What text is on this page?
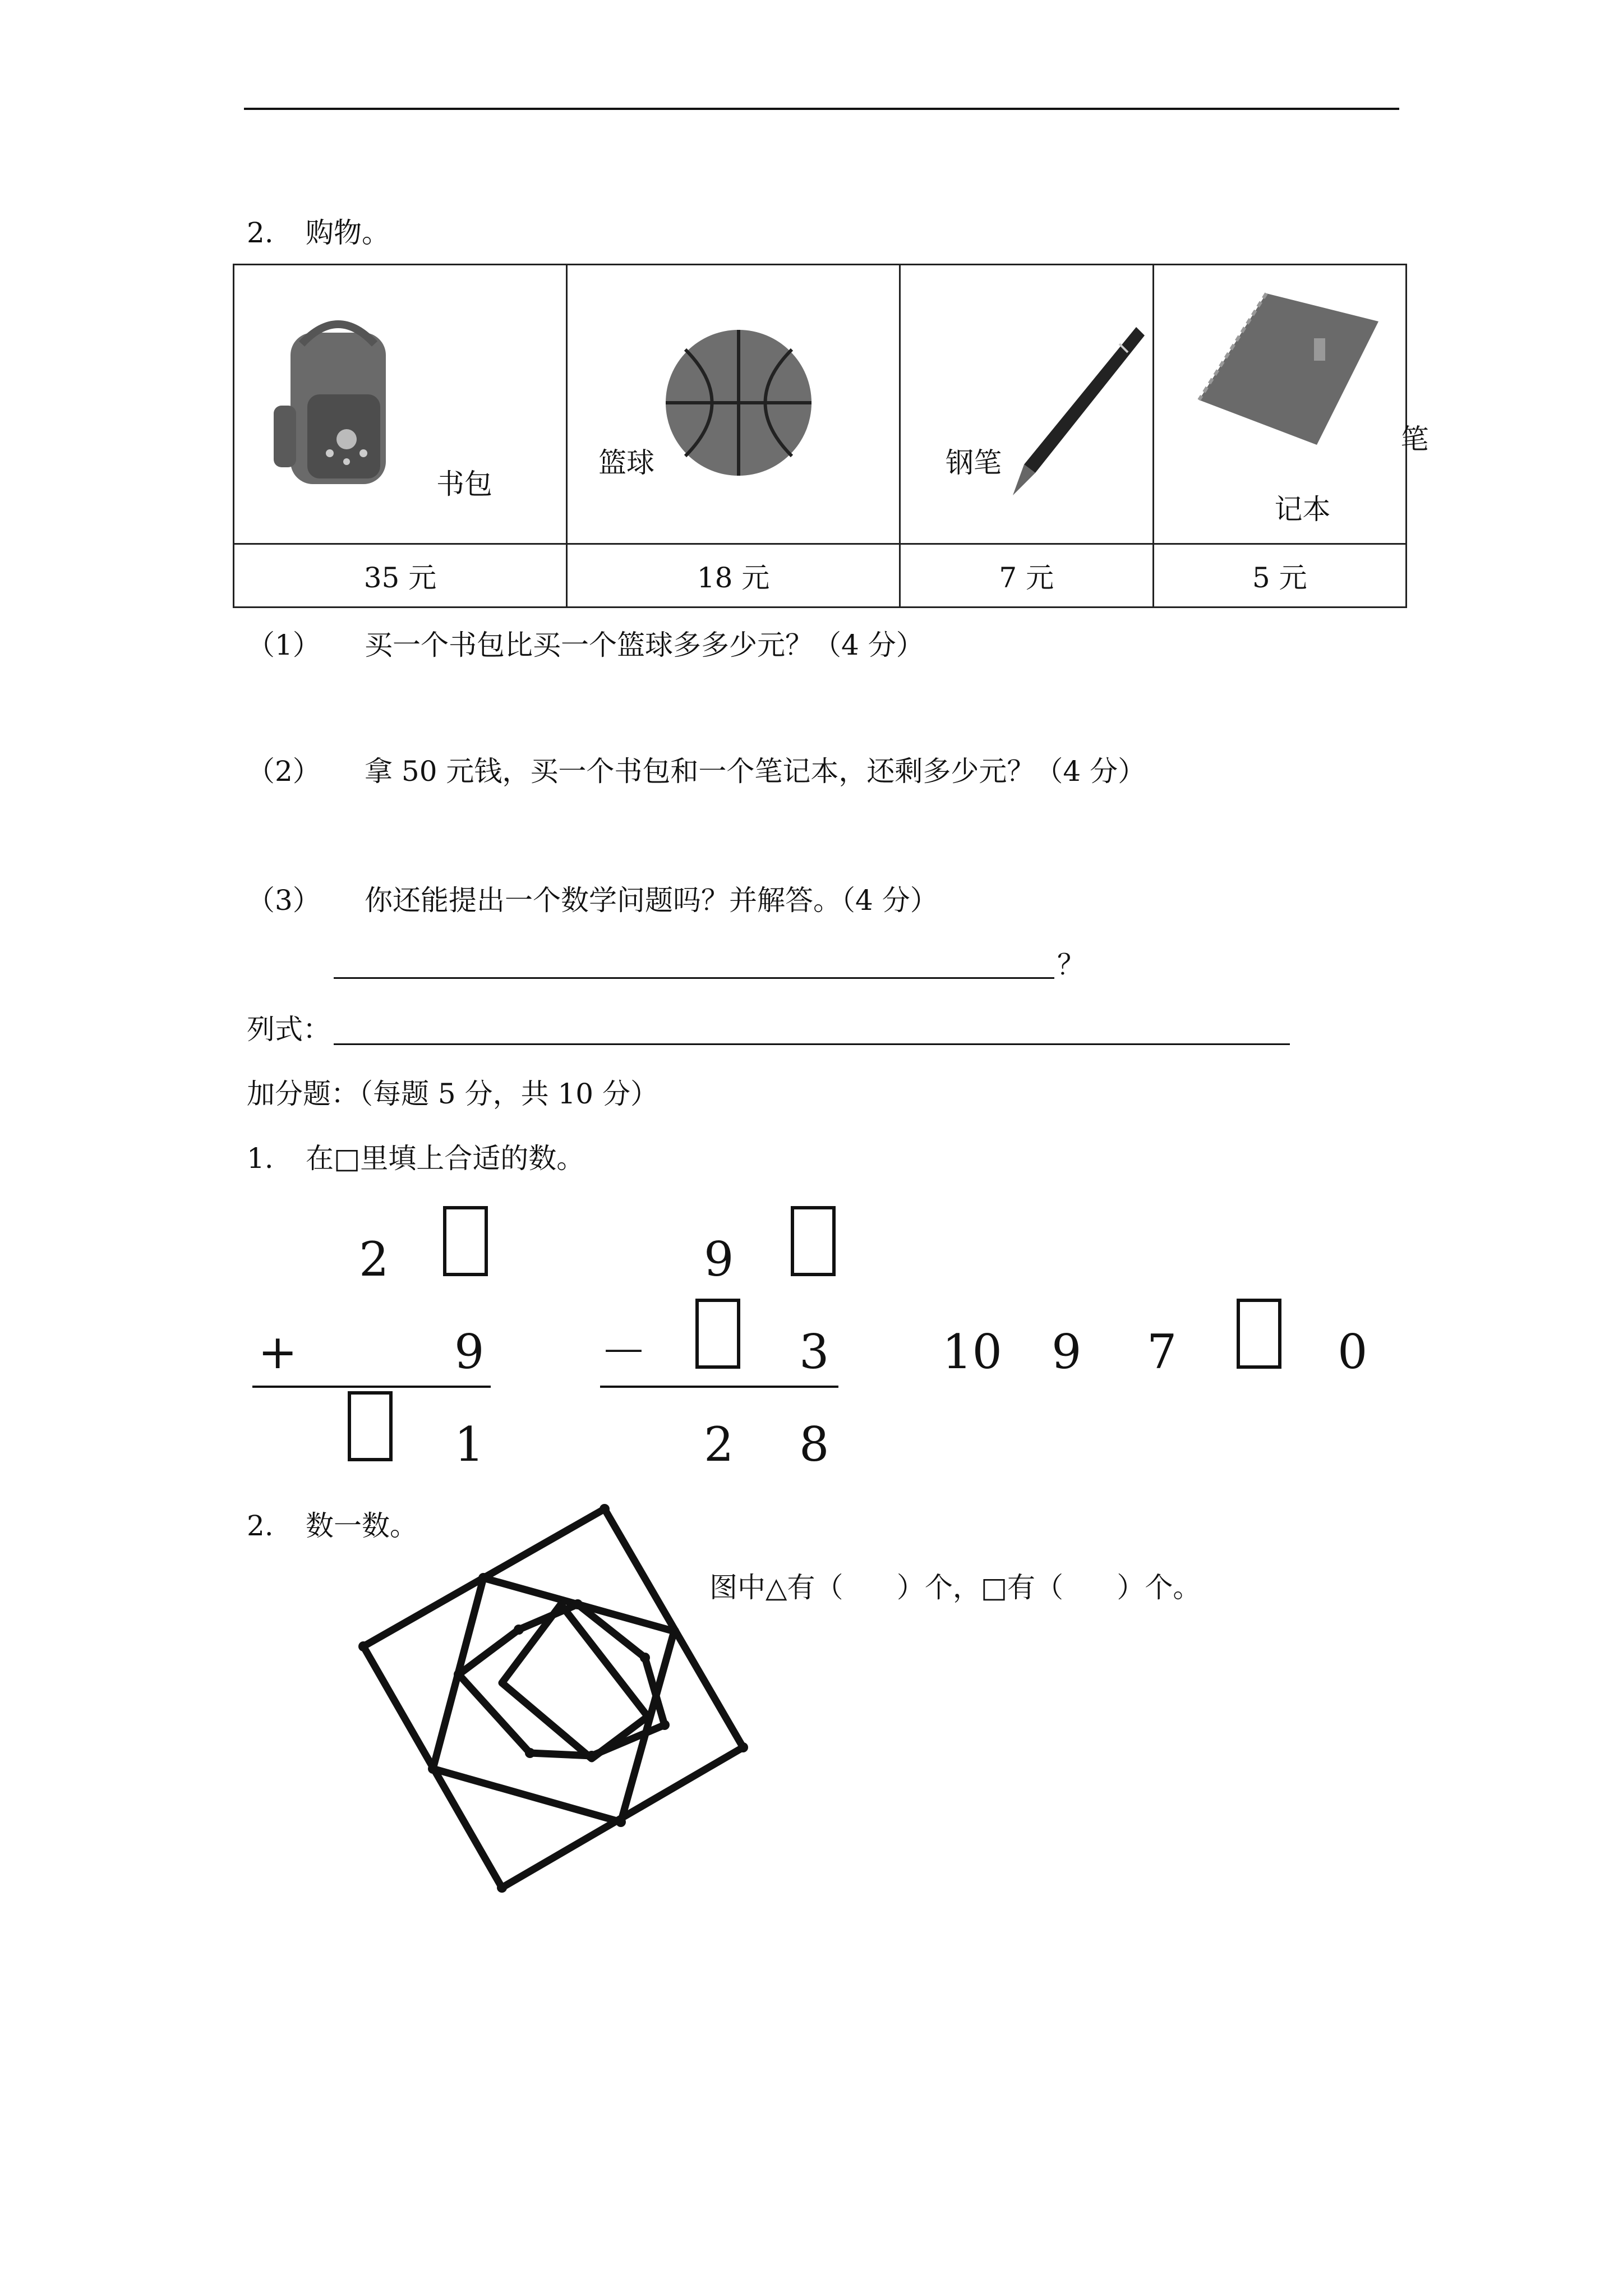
2. 购物。
书包	篮球	钢笔	笔
记本

35 元	18 元	7 元	5 元
（1） 买一个书包比买一个篮球多多少元？（4 分）
（2） 拿 50 元钱，买一个书包和一个笔记本，还剩多少元？（4 分）
（3） 你还能提出一个数学问题吗？并解答。（4 分）
？
列式：
加分题：（每题 5 分，共 10 分）
1. 在□里填上合适的数。
2
+	9
1
9
－	3
2 8
10 9 7	0
2. 数一数。
图中△有（      ）个，□有（      ）个。
